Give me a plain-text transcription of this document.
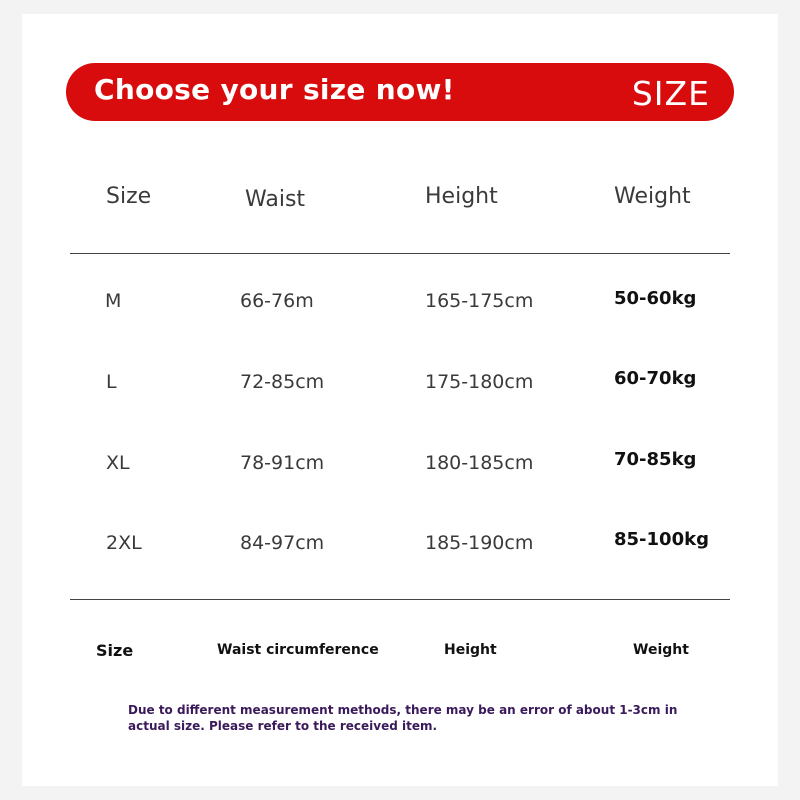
Choose your size now!	SIZE
Size	Waist	Height	Weight
M	66-76m	165-175cm	50-60kg
L	72-85cm	175-180cm	60-70kg
XL	78-91cm	180-185cm	70-85kg
2XL	84-97cm	185-190cm	85-100kg
Size	Waist circumference	Height	Weight
Due to different measurement methods, there may be an error of about 1-3cm in actual size. Please refer to the received item.
